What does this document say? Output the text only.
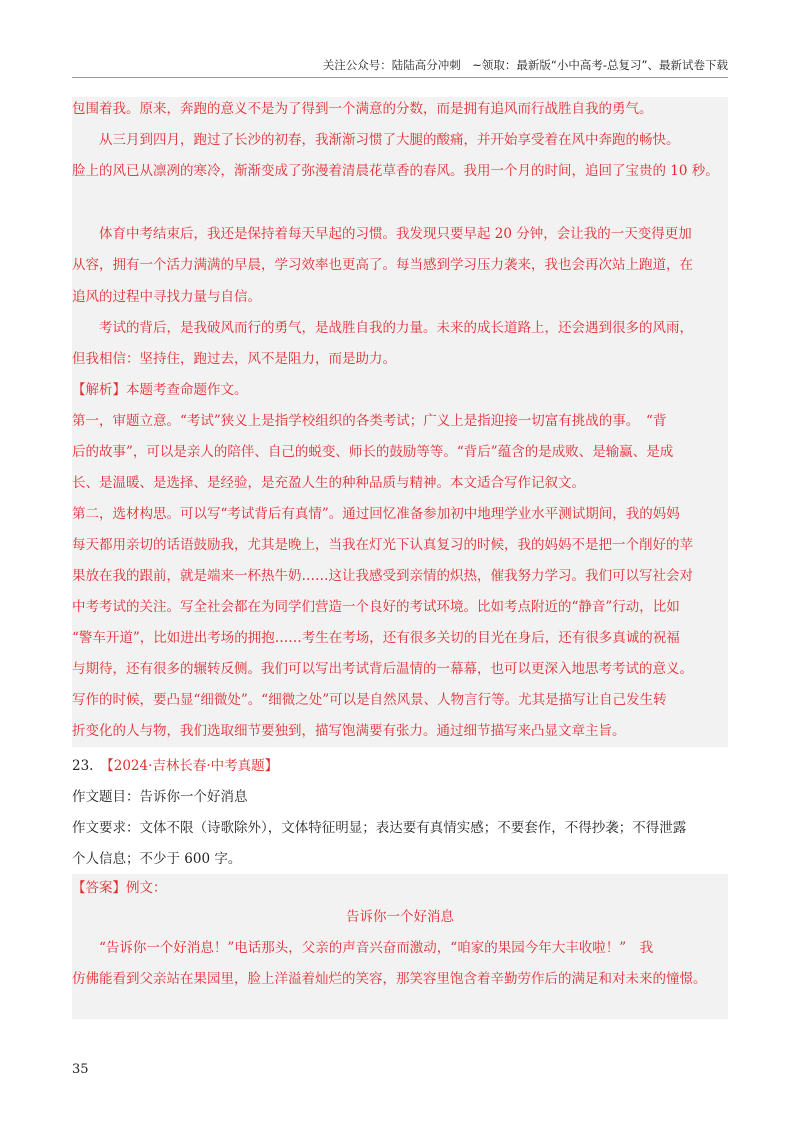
关注公众号：陆陆高分冲刺　~领取：最新版“小中高考-总复习”、最新试卷下载
包围着我。原来，奔跑的意义不是为了得到一个满意的分数，而是拥有追风而行战胜自我的勇气。
　　从三月到四月，跑过了长沙的初春，我渐渐习惯了大腿的酸痛，并开始享受着在风中奔跑的畅快。
脸上的风已从凛冽的寒冷，渐渐变成了弥漫着清晨花草香的春风。我用一个月的时间，追回了宝贵的 10 秒。
　　体育中考结束后，我还是保持着每天早起的习惯。我发现只要早起 20 分钟，会让我的一天变得更加
从容，拥有一个活力满满的早晨，学习效率也更高了。每当感到学习压力袭来，我也会再次站上跑道，在
追风的过程中寻找力量与自信。
　　考试的背后，是我破风而行的勇气，是战胜自我的力量。未来的成长道路上，还会遇到很多的风雨，
但我相信：坚持住，跑过去，风不是阻力，而是助力。
【解析】本题考查命题作文。
第一，审题立意。“考试”狭义上是指学校组织的各类考试；广义上是指迎接一切富有挑战的事。　“背
后的故事”，可以是亲人的陪伴、自己的蜕变、师长的鼓励等等。“背后”蕴含的是成败、是输赢、是成
长、是温暖、是选择、是经验，是充盈人生的种种品质与精神。本文适合写作记叙文。
第二，选材构思。可以写“考试背后有真情”。通过回忆准备参加初中地理学业水平测试期间，我的妈妈
每天都用亲切的话语鼓励我，尤其是晚上，当我在灯光下认真复习的时候，我的妈妈不是把一个削好的苹
果放在我的跟前，就是端来一杯热牛奶……这让我感受到亲情的炽热，催我努力学习。我们可以写社会对
中考考试的关注。写全社会都在为同学们营造一个良好的考试环境。比如考点附近的“静音”行动，比如
“警车开道”，比如进出考场的拥抱……考生在考场，还有很多关切的目光在身后，还有很多真诚的祝福
与期待，还有很多的辗转反侧。我们可以写出考试背后温情的一幕幕，也可以更深入地思考考试的意义。
写作的时候，要凸显“细微处”。“细微之处”可以是自然风景、人物言行等。尤其是描写让自己发生转
折变化的人与物，我们选取细节要独到，描写饱满要有张力。通过细节描写来凸显文章主旨。
23.　【2024·吉林长春·中考真题】
作文题目：告诉你一个好消息
作文要求：文体不限（诗歌除外），文体特征明显；表达要有真情实感；不要套作，不得抄袭；不得泄露
个人信息；不少于 600 字。
【答案】例文：
告诉你一个好消息
　　“告诉你一个好消息！”电话那头，父亲的声音兴奋而激动，“咱家的果园今年大丰收啦！”　我
仿佛能看到父亲站在果园里，脸上洋溢着灿烂的笑容，那笑容里饱含着辛勤劳作后的满足和对未来的憧憬。
35
